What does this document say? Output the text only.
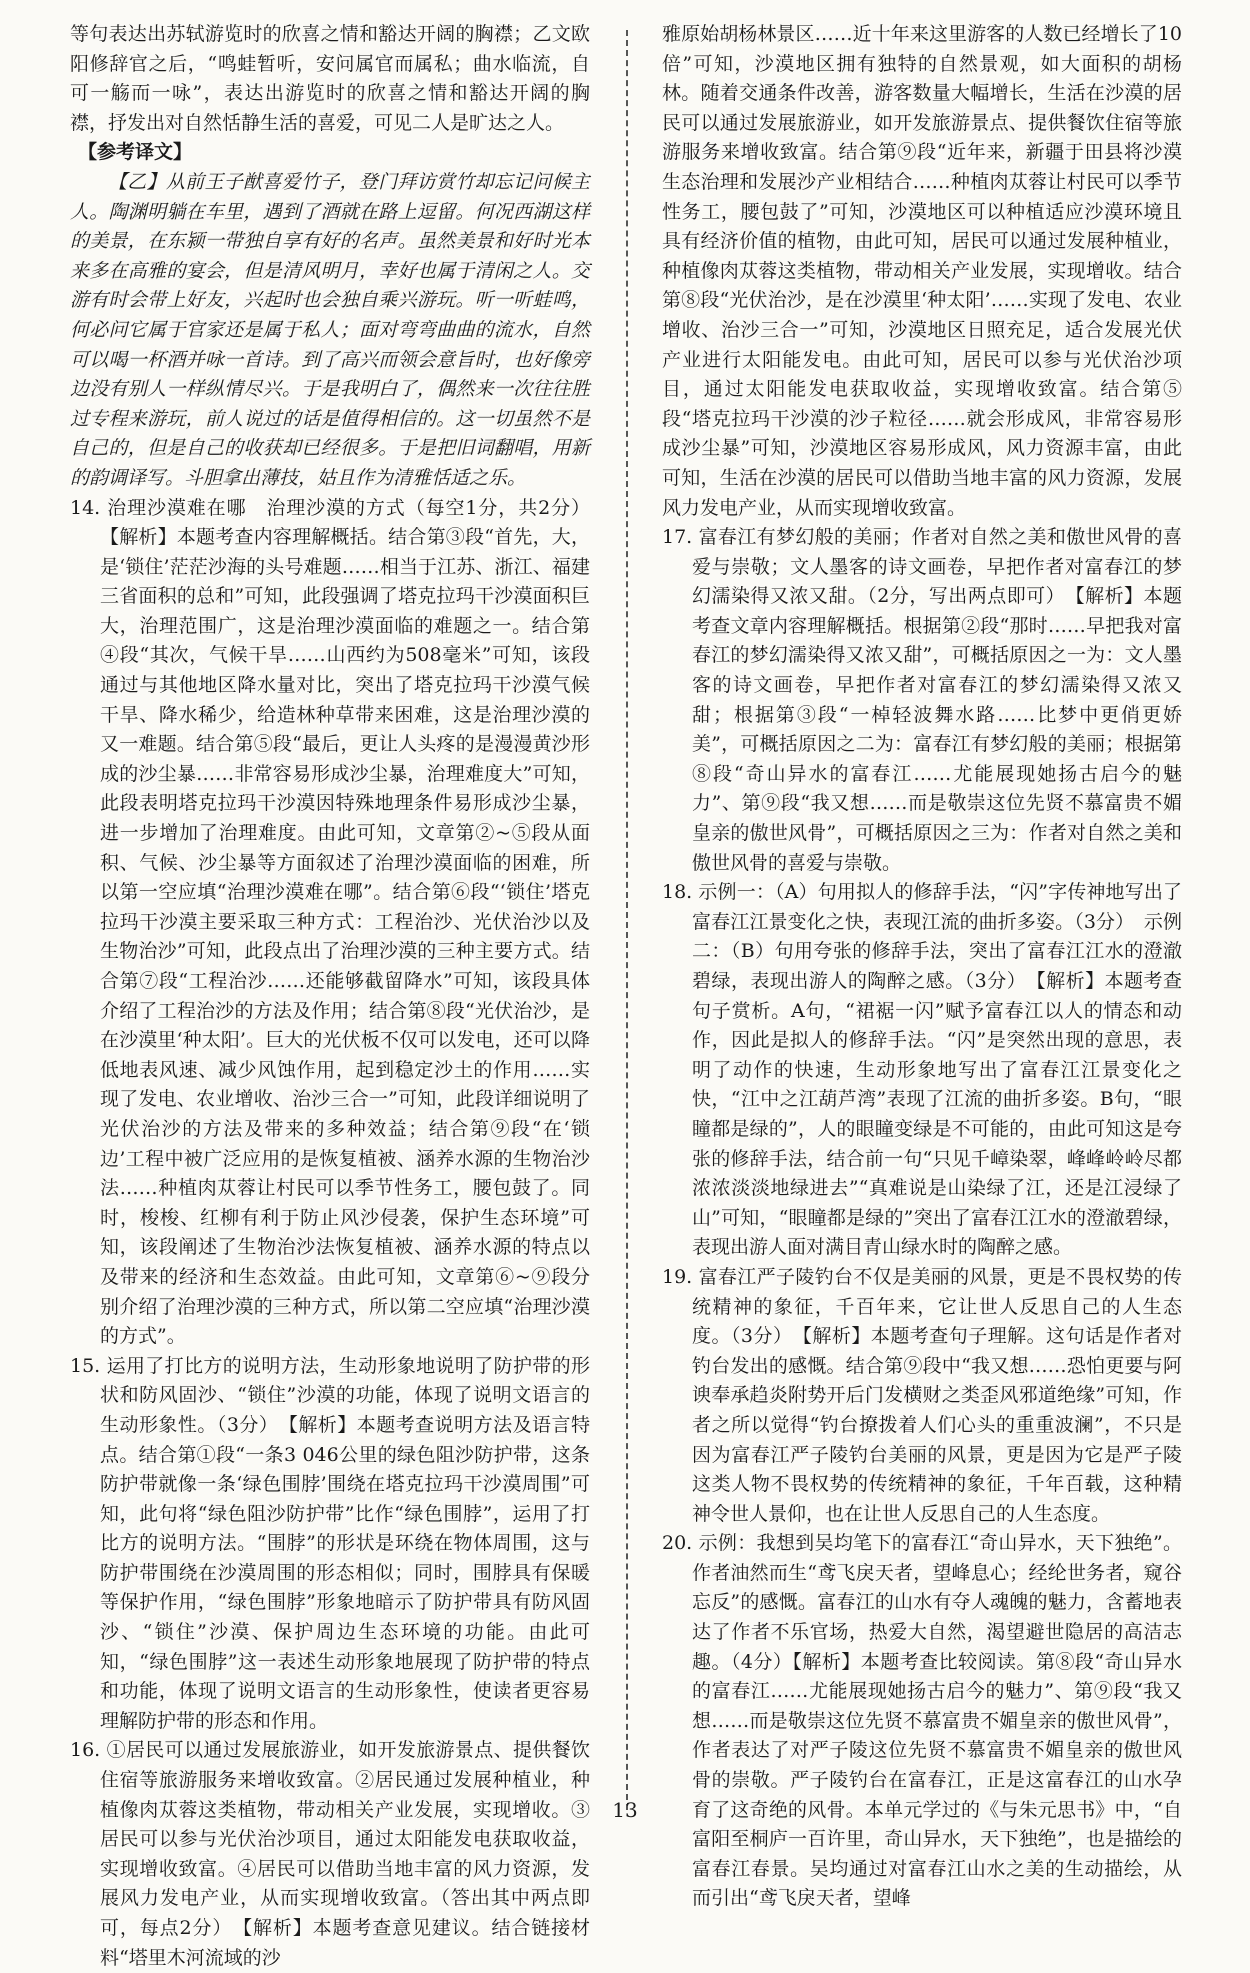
等句表达出苏轼游览时的欣喜之情和豁达开阔的胸襟；乙文欧阳修辞官之后，“鸣蛙暂听，安问属官而属私；曲水临流，自可一觞而一咏”，表达出游览时的欣喜之情和豁达开阔的胸襟，抒发出对自然恬静生活的喜爱，可见二人是旷达之人。

【参考译文】

【乙】从前王子猷喜爱竹子，登门拜访赏竹却忘记问候主人。陶渊明躺在车里，遇到了酒就在路上逗留。何况西湖这样的美景，在东颍一带独自享有好的名声。虽然美景和好时光本来多在高雅的宴会，但是清风明月，幸好也属于清闲之人。交游有时会带上好友，兴起时也会独自乘兴游玩。听一听蛙鸣，何必问它属于官家还是属于私人；面对弯弯曲曲的流水，自然可以喝一杯酒并咏一首诗。到了高兴而领会意旨时，也好像旁边没有别人一样纵情尽兴。于是我明白了，偶然来一次往往胜过专程来游玩，前人说过的话是值得相信的。这一切虽然不是自己的，但是自己的收获却已经很多。于是把旧词翻唱，用新的韵调译写。斗胆拿出薄技，姑且作为清雅恬适之乐。

14. 治理沙漠难在哪　治理沙漠的方式（每空1分，共2分）【解析】本题考查内容理解概括。结合第③段“首先，大，是‘锁住’茫茫沙海的头号难题……相当于江苏、浙江、福建三省面积的总和”可知，此段强调了塔克拉玛干沙漠面积巨大，治理范围广，这是治理沙漠面临的难题之一。结合第④段“其次，气候干旱……山西约为508毫米”可知，该段通过与其他地区降水量对比，突出了塔克拉玛干沙漠气候干旱、降水稀少，给造林种草带来困难，这是治理沙漠的又一难题。结合第⑤段“最后，更让人头疼的是漫漫黄沙形成的沙尘暴……非常容易形成沙尘暴，治理难度大”可知，此段表明塔克拉玛干沙漠因特殊地理条件易形成沙尘暴，进一步增加了治理难度。由此可知，文章第②~⑤段从面积、气候、沙尘暴等方面叙述了治理沙漠面临的困难，所以第一空应填“治理沙漠难在哪”。结合第⑥段“‘锁住’塔克拉玛干沙漠主要采取三种方式：工程治沙、光伏治沙以及生物治沙”可知，此段点出了治理沙漠的三种主要方式。结合第⑦段“工程治沙……还能够截留降水”可知，该段具体介绍了工程治沙的方法及作用；结合第⑧段“光伏治沙，是在沙漠里‘种太阳’。巨大的光伏板不仅可以发电，还可以降低地表风速、减少风蚀作用，起到稳定沙土的作用……实现了发电、农业增收、治沙三合一”可知，此段详细说明了光伏治沙的方法及带来的多种效益；结合第⑨段“在‘锁边’工程中被广泛应用的是恢复植被、涵养水源的生物治沙法……种植肉苁蓉让村民可以季节性务工，腰包鼓了。同时，梭梭、红柳有利于防止风沙侵袭，保护生态环境”可知，该段阐述了生物治沙法恢复植被、涵养水源的特点以及带来的经济和生态效益。由此可知，文章第⑥~⑨段分别介绍了治理沙漠的三种方式，所以第二空应填“治理沙漠的方式”。

15. 运用了打比方的说明方法，生动形象地说明了防护带的形状和防风固沙、“锁住”沙漠的功能，体现了说明文语言的生动形象性。（3分）　【解析】本题考查说明方法及语言特点。结合第①段“一条3 046公里的绿色阻沙防护带，这条防护带就像一条‘绿色围脖’围绕在塔克拉玛干沙漠周围”可知，此句将“绿色阻沙防护带”比作“绿色围脖”，运用了打比方的说明方法。“围脖”的形状是环绕在物体周围，这与防护带围绕在沙漠周围的形态相似；同时，围脖具有保暖等保护作用，“绿色围脖”形象地暗示了防护带具有防风固沙、“锁住”沙漠、保护周边生态环境的功能。由此可知，“绿色围脖”这一表述生动形象地展现了防护带的特点和功能，体现了说明文语言的生动形象性，使读者更容易理解防护带的形态和作用。

16. ①居民可以通过发展旅游业，如开发旅游景点、提供餐饮住宿等旅游服务来增收致富。②居民通过发展种植业，种植像肉苁蓉这类植物，带动相关产业发展，实现增收。③居民可以参与光伏治沙项目，通过太阳能发电获取收益，实现增收致富。④居民可以借助当地丰富的风力资源，发展风力发电产业，从而实现增收致富。（答出其中两点即可，每点2分）　【解析】本题考查意见建议。结合链接材料“塔里木河流域的沙

雅原始胡杨林景区……近十年来这里游客的人数已经增长了10倍”可知，沙漠地区拥有独特的自然景观，如大面积的胡杨林。随着交通条件改善，游客数量大幅增长，生活在沙漠的居民可以通过发展旅游业，如开发旅游景点、提供餐饮住宿等旅游服务来增收致富。结合第⑨段“近年来，新疆于田县将沙漠生态治理和发展沙产业相结合……种植肉苁蓉让村民可以季节性务工，腰包鼓了”可知，沙漠地区可以种植适应沙漠环境且具有经济价值的植物，由此可知，居民可以通过发展种植业，种植像肉苁蓉这类植物，带动相关产业发展，实现增收。结合第⑧段“光伏治沙，是在沙漠里‘种太阳’……实现了发电、农业增收、治沙三合一”可知，沙漠地区日照充足，适合发展光伏产业进行太阳能发电。由此可知，居民可以参与光伏治沙项目，通过太阳能发电获取收益，实现增收致富。结合第⑤段“塔克拉玛干沙漠的沙子粒径……就会形成风，非常容易形成沙尘暴”可知，沙漠地区容易形成风，风力资源丰富，由此可知，生活在沙漠的居民可以借助当地丰富的风力资源，发展风力发电产业，从而实现增收致富。

17. 富春江有梦幻般的美丽；作者对自然之美和傲世风骨的喜爱与崇敬；文人墨客的诗文画卷，早把作者对富春江的梦幻濡染得又浓又甜。（2分，写出两点即可）　【解析】本题考查文章内容理解概括。根据第②段“那时……早把我对富春江的梦幻濡染得又浓又甜”，可概括原因之一为：文人墨客的诗文画卷，早把作者对富春江的梦幻濡染得又浓又甜；根据第③段“一棹轻波舞水路……比梦中更俏更娇美”，可概括原因之二为：富春江有梦幻般的美丽；根据第⑧段“奇山异水的富春江……尤能展现她扬古启今的魅力”、第⑨段“我又想……而是敬崇这位先贤不慕富贵不媚皇亲的傲世风骨”，可概括原因之三为：作者对自然之美和傲世风骨的喜爱与崇敬。

18. 示例一：（A）句用拟人的修辞手法，“闪”字传神地写出了富春江江景变化之快，表现江流的曲折多姿。（3分）　示例二：（B）句用夸张的修辞手法，突出了富春江江水的澄澈碧绿，表现出游人的陶醉之感。（3分）　【解析】本题考查句子赏析。A句，“裙裾一闪”赋予富春江以人的情态和动作，因此是拟人的修辞手法。“闪”是突然出现的意思，表明了动作的快速，生动形象地写出了富春江江景变化之快，“江中之江葫芦湾”表现了江流的曲折多姿。B句，“眼瞳都是绿的”，人的眼瞳变绿是不可能的，由此可知这是夸张的修辞手法，结合前一句“只见千嶂染翠，峰峰岭岭尽都浓浓淡淡地绿进去”“真难说是山染绿了江，还是江浸绿了山”可知，“眼瞳都是绿的”突出了富春江江水的澄澈碧绿，表现出游人面对满目青山绿水时的陶醉之感。

19. 富春江严子陵钓台不仅是美丽的风景，更是不畏权势的传统精神的象征，千百年来，它让世人反思自己的人生态度。（3分）　【解析】本题考查句子理解。这句话是作者对钓台发出的感慨。结合第⑨段中“我又想……恐怕更要与阿谀奉承趋炎附势开后门发横财之类歪风邪道绝缘”可知，作者之所以觉得“钓台撩拨着人们心头的重重波澜”，不只是因为富春江严子陵钓台美丽的风景，更是因为它是严子陵这类人物不畏权势的传统精神的象征，千年百载，这种精神令世人景仰，也在让世人反思自己的人生态度。

20. 示例：我想到吴均笔下的富春江“奇山异水，天下独绝”。作者油然而生“鸢飞戾天者，望峰息心；经纶世务者，窥谷忘反”的感慨。富春江的山水有夺人魂魄的魅力，含蓄地表达了作者不乐官场，热爱大自然，渴望避世隐居的高洁志趣。（4分）【解析】本题考查比较阅读。第⑧段“奇山异水的富春江……尤能展现她扬古启今的魅力”、第⑨段“我又想……而是敬崇这位先贤不慕富贵不媚皇亲的傲世风骨”，作者表达了对严子陵这位先贤不慕富贵不媚皇亲的傲世风骨的崇敬。严子陵钓台在富春江，正是这富春江的山水孕育了这奇绝的风骨。本单元学过的《与朱元思书》中，“自富阳至桐庐一百许里，奇山异水，天下独绝”，也是描绘的富春江春景。吴均通过对富春江山水之美的生动描绘，从而引出“鸢飞戾天者，望峰

13
